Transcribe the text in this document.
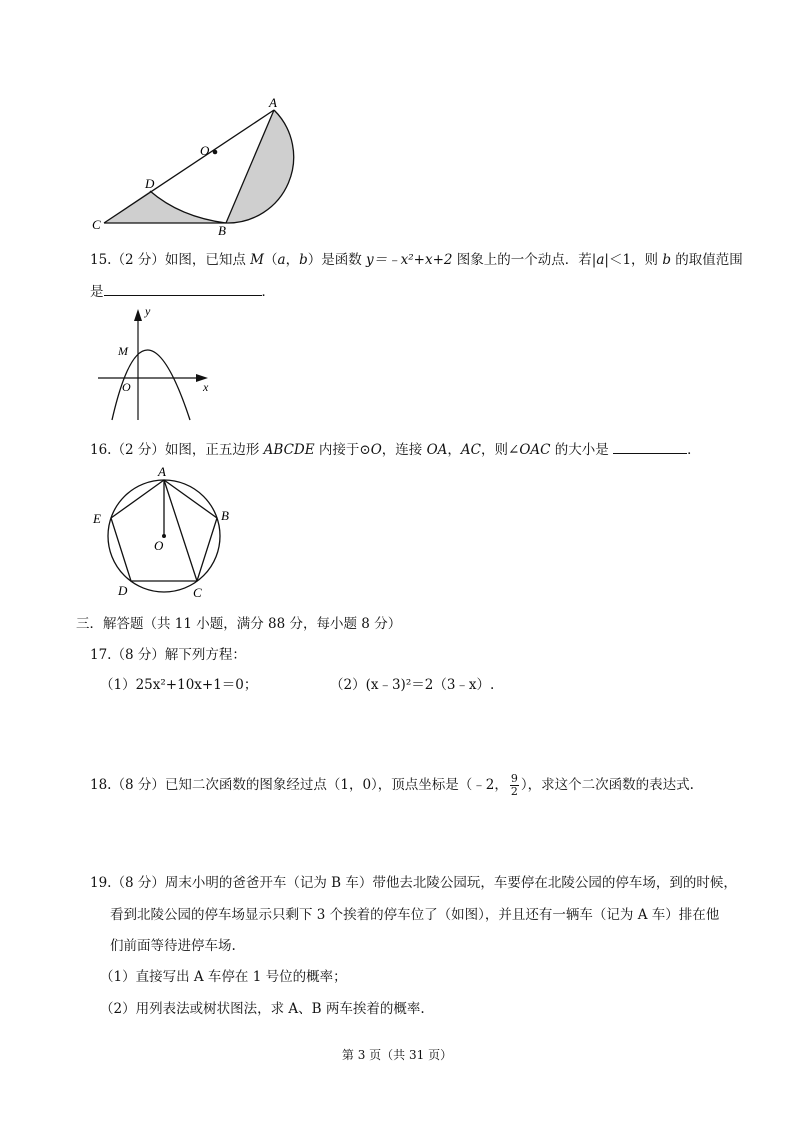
A
O
D
C	B
15.（2 分）如图，已知点 M（a，b）是函数 y＝﹣x²+x+2 图象上的一个动点．若|a|＜1，则 b 的取值范围
是	．
y
x
M
O
16.（2 分）如图，正五边形 ABCDE 内接于⊙O，连接 OA，AC，则∠OAC 的大小是	．
A
B
C
D
E
O
三．解答题（共 11 小题，满分 88 分，每小题 8 分）
17.（8 分）解下列方程：
（1）25x²+10x+1＝0；	（2）(x﹣3)²＝2（3﹣x）.
18.（8 分）已知二次函数的图象经过点（1，0），顶点坐标是（﹣2， $\frac{9}{2}$ ），求这个二次函数的表达式.
19.（8 分）周末小明的爸爸开车（记为 B 车）带他去北陵公园玩，车要停在北陵公园的停车场，到的时候，
看到北陵公园的停车场显示只剩下 3 个挨着的停车位了（如图），并且还有一辆车（记为 A 车）排在他
们前面等待进停车场.
（1）直接写出 A 车停在 1 号位的概率；
（2）用列表法或树状图法，求 A、B 两车挨着的概率.
第 3 页（共 31 页）
